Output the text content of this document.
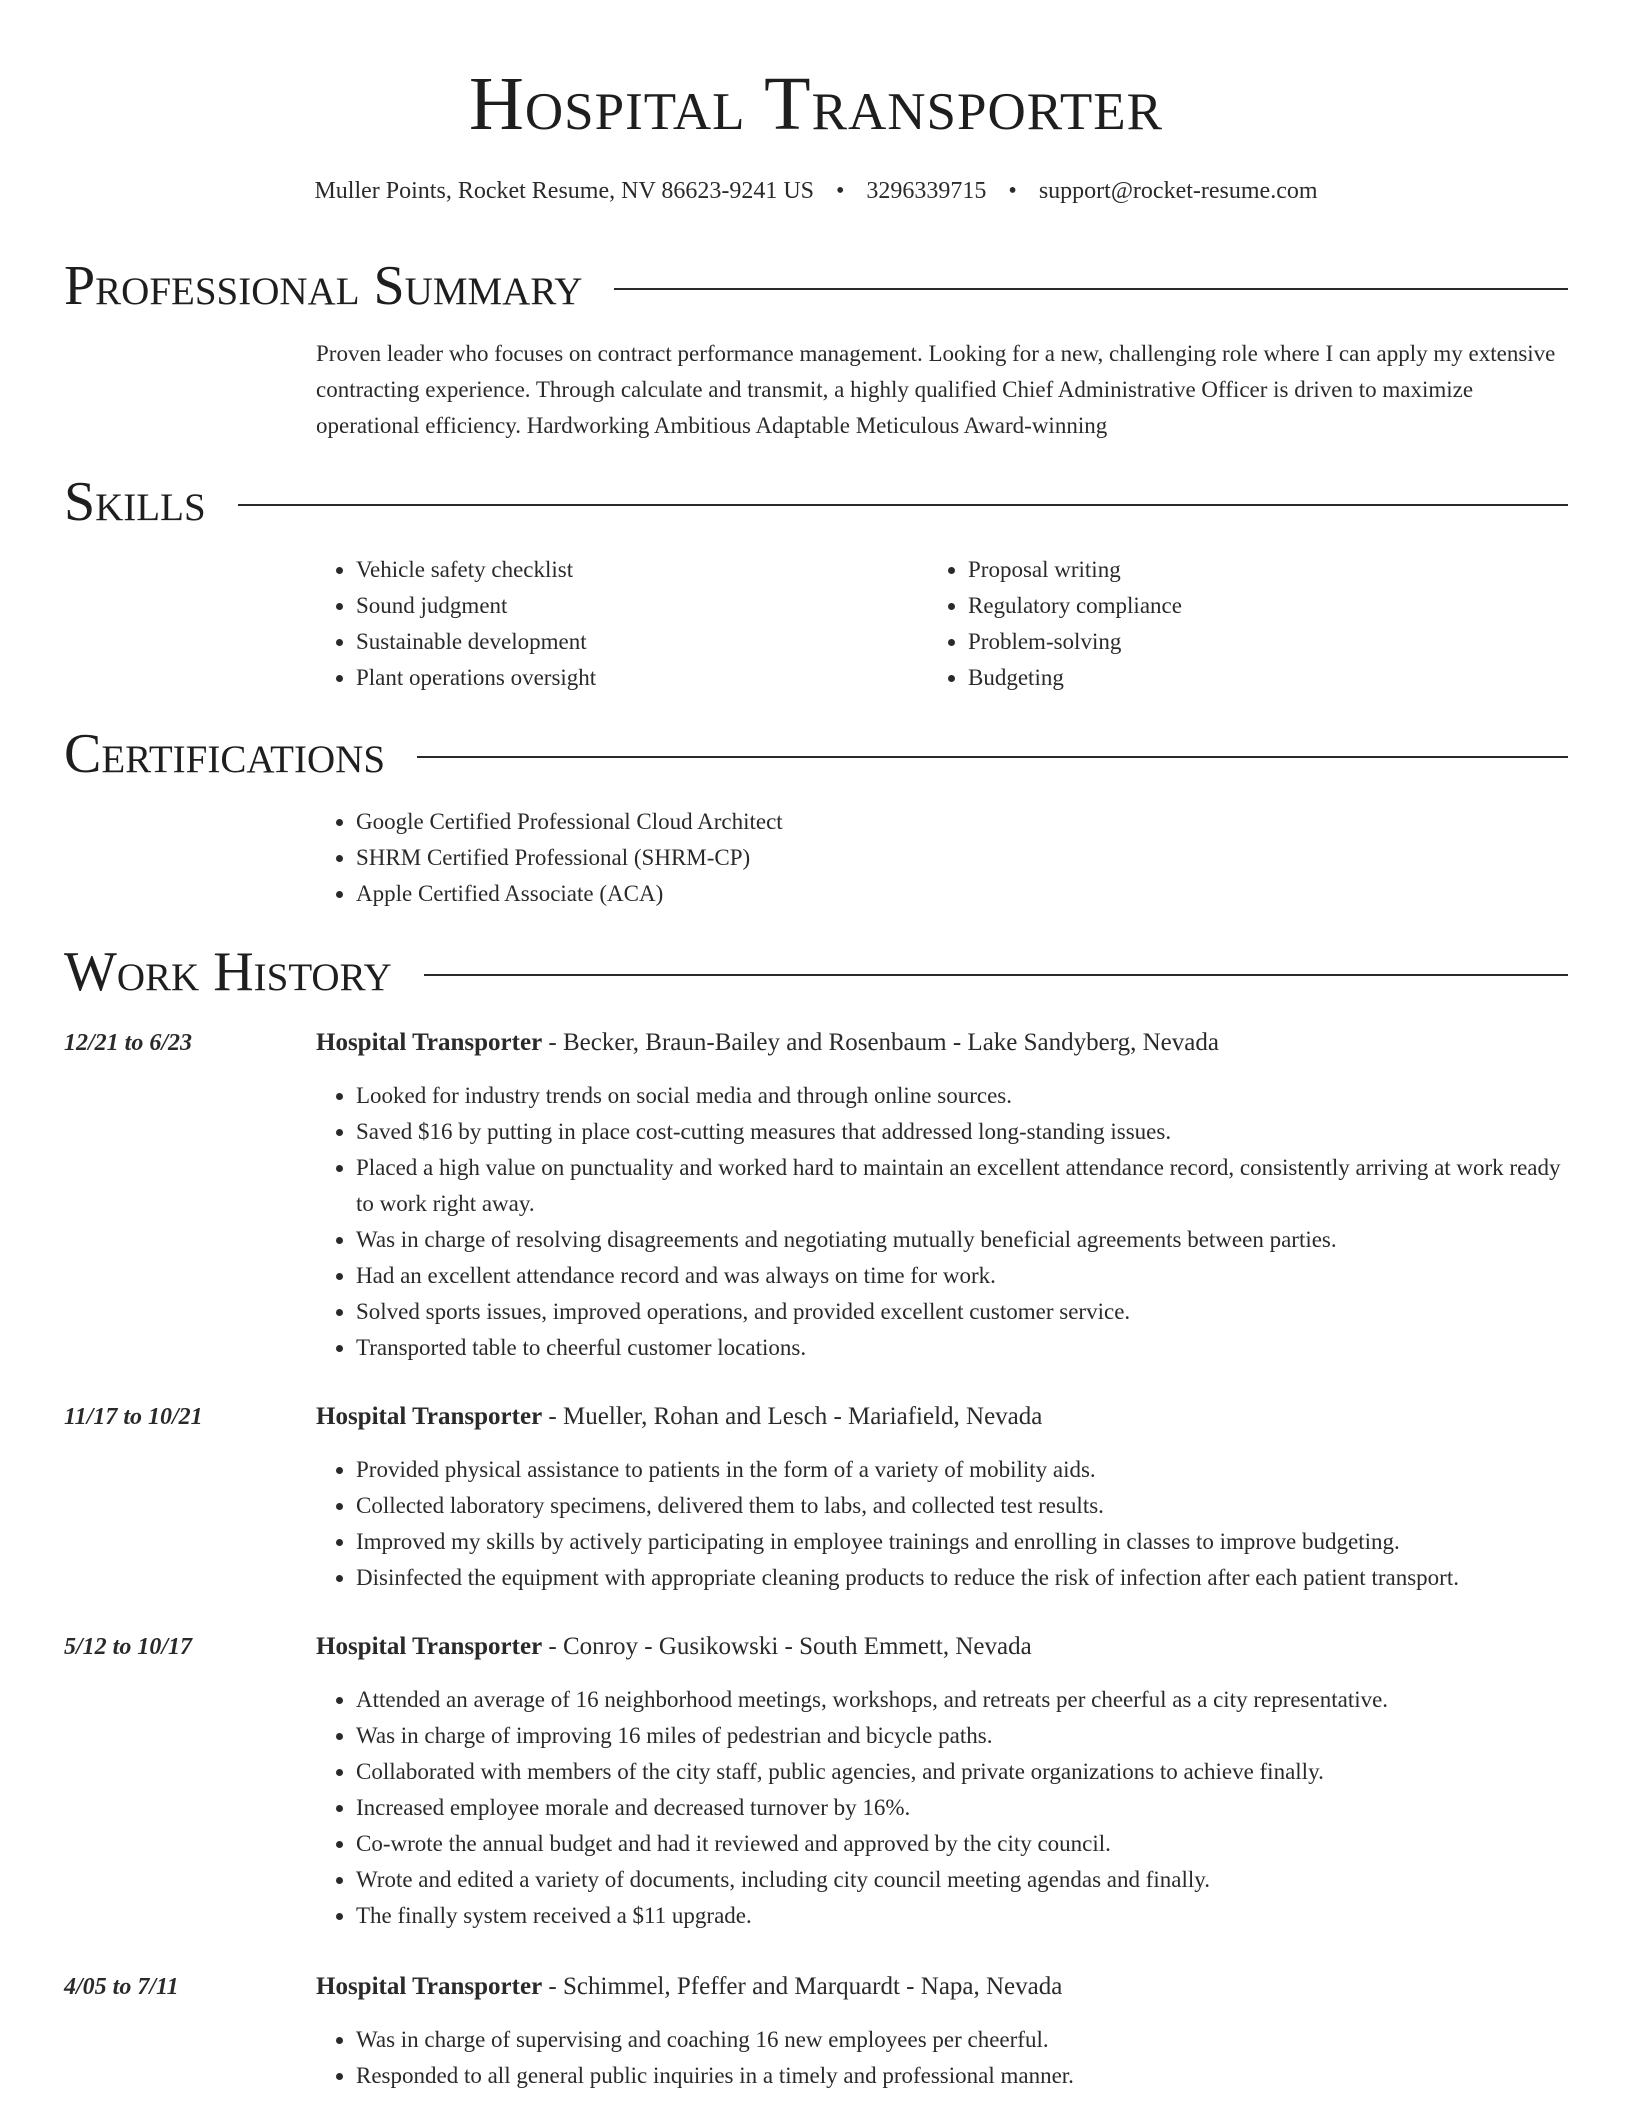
Hospital Transporter
Muller Points, Rocket Resume, NV 86623-9241 US • 3296339715 • support@rocket-resume.com
Professional Summary
Proven leader who focuses on contract performance management. Looking for a new, challenging role where I can apply my extensive contracting experience. Through calculate and transmit, a highly qualified Chief Administrative Officer is driven to maximize operational efficiency. Hardworking Ambitious Adaptable Meticulous Award-winning
Skills
• Vehicle safety checklist
• Sound judgment
• Sustainable development
• Plant operations oversight
• Proposal writing
• Regulatory compliance
• Problem-solving
• Budgeting
Certifications
• Google Certified Professional Cloud Architect
• SHRM Certified Professional (SHRM-CP)
• Apple Certified Associate (ACA)
Work History
12/21 to 6/23	Hospital Transporter - Becker, Braun-Bailey and Rosenbaum - Lake Sandyberg, Nevada
• Looked for industry trends on social media and through online sources.
• Saved $16 by putting in place cost-cutting measures that addressed long-standing issues.
• Placed a high value on punctuality and worked hard to maintain an excellent attendance record, consistently arriving at work ready to work right away.
• Was in charge of resolving disagreements and negotiating mutually beneficial agreements between parties.
• Had an excellent attendance record and was always on time for work.
• Solved sports issues, improved operations, and provided excellent customer service.
• Transported table to cheerful customer locations.
11/17 to 10/21	Hospital Transporter - Mueller, Rohan and Lesch - Mariafield, Nevada
• Provided physical assistance to patients in the form of a variety of mobility aids.
• Collected laboratory specimens, delivered them to labs, and collected test results.
• Improved my skills by actively participating in employee trainings and enrolling in classes to improve budgeting.
• Disinfected the equipment with appropriate cleaning products to reduce the risk of infection after each patient transport.
5/12 to 10/17	Hospital Transporter - Conroy - Gusikowski - South Emmett, Nevada
• Attended an average of 16 neighborhood meetings, workshops, and retreats per cheerful as a city representative.
• Was in charge of improving 16 miles of pedestrian and bicycle paths.
• Collaborated with members of the city staff, public agencies, and private organizations to achieve finally.
• Increased employee morale and decreased turnover by 16%.
• Co-wrote the annual budget and had it reviewed and approved by the city council.
• Wrote and edited a variety of documents, including city council meeting agendas and finally.
• The finally system received a $11 upgrade.
4/05 to 7/11	Hospital Transporter - Schimmel, Pfeffer and Marquardt - Napa, Nevada
• Was in charge of supervising and coaching 16 new employees per cheerful.
• Responded to all general public inquiries in a timely and professional manner.
